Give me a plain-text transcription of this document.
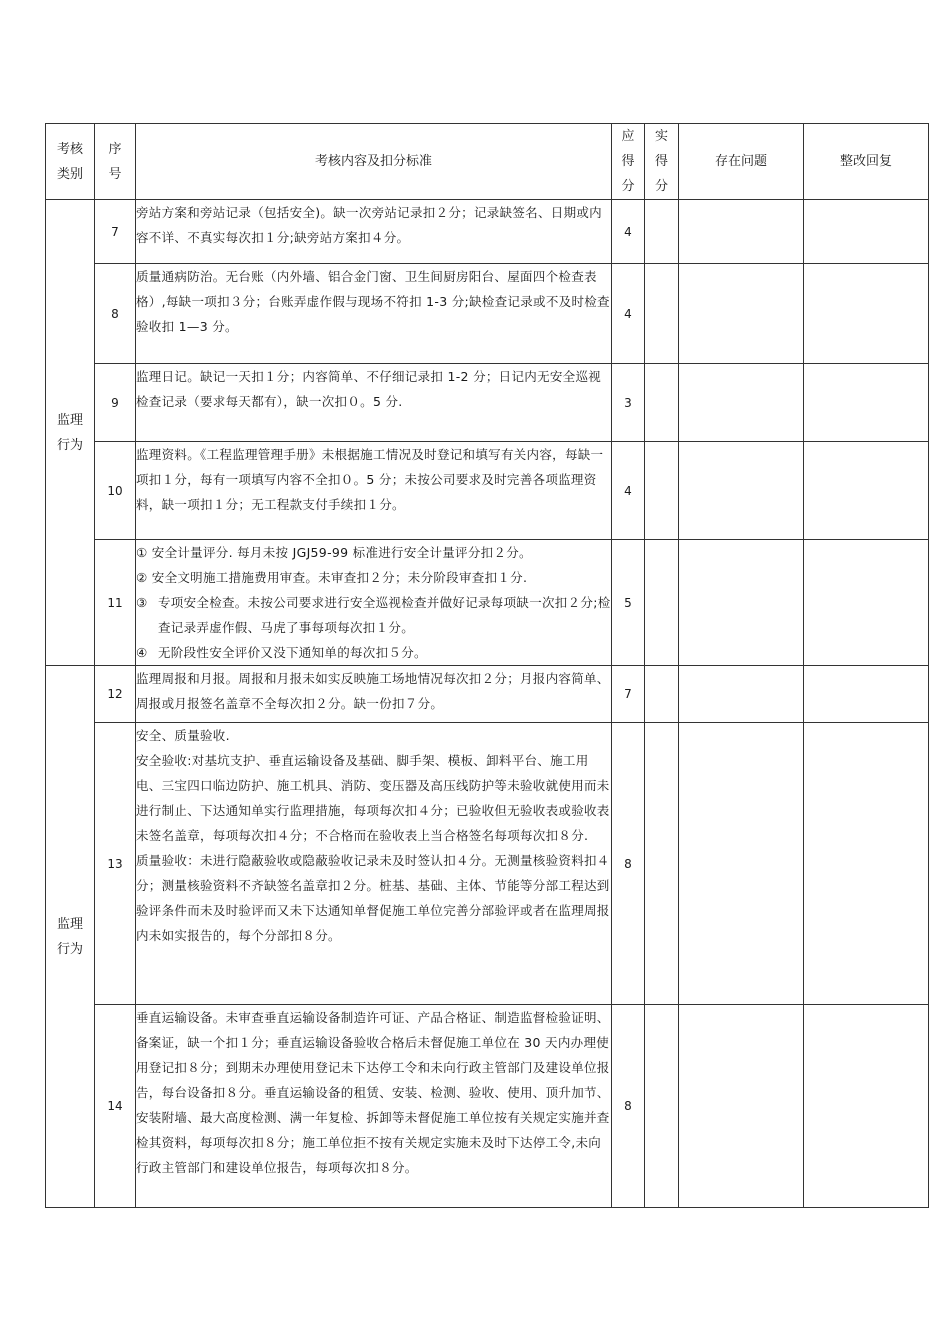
考核
类别	序
号	考核内容及扣分标准	应
得
分	实
得
分	存在问题	整改回复
监理
行为	7	旁站方案和旁站记录（包括安全)。缺一次旁站记录扣２分；记录缺签名、日期或内容不详、不真实每次扣１分;缺旁站方案扣４分。	4			
	8	质量通病防治。无台账（内外墙、铝合金门窗、卫生间厨房阳台、屋面四个检查表格）,每缺一项扣３分；台账弄虚作假与现场不符扣 1-3 分;缺检查记录或不及时检查验收扣 1—3 分。	4			
	9	监理日记。缺记一天扣１分；内容简单、不仔细记录扣 1-2 分；日记内无安全巡视检查记录（要求每天都有），缺一次扣０。5 分.	3			
	10	监理资料。《工程监理管理手册》未根据施工情况及时登记和填写有关内容，每缺一项扣１分，每有一项填写内容不全扣０。5 分；未按公司要求及时完善各项监理资料，缺一项扣１分；无工程款支付手续扣１分。	4			
	11	① 安全计量评分. 每月未按 JGJ59-99 标准进行安全计量评分扣２分。

② 安全文明施工措施费用审查。未审查扣２分；未分阶段审查扣１分.

③ 专项安全检查。未按公司要求进行安全巡视检查并做好记录每项缺一次扣２分;检查记录弄虚作假、马虎了事每项每次扣１分。

④ 无阶段性安全评价又没下通知单的每次扣５分。	5			
监理
行为	12	监理周报和月报。周报和月报未如实反映施工场地情况每次扣２分；月报内容简单、周报或月报签名盖章不全每次扣２分。缺一份扣７分。	7			
	13	安全、质量验收.

安全验收:对基坑支护、垂直运输设备及基础、脚手架、模板、卸料平台、施工用电、三宝四口临边防护、施工机具、消防、变压器及高压线防护等未验收就使用而未进行制止、下达通知单实行监理措施，每项每次扣４分；已验收但无验收表或验收表未签名盖章，每项每次扣４分；不合格而在验收表上当合格签名每项每次扣８分.

质量验收：未进行隐蔽验收或隐蔽验收记录未及时签认扣４分。无测量核验资料扣４分；测量核验资料不齐缺签名盖章扣２分。桩基、基础、主体、节能等分部工程达到验评条件而未及时验评而又未下达通知单督促施工单位完善分部验评或者在监理周报内未如实报告的，每个分部扣８分。	8			
	14	垂直运输设备。未审查垂直运输设备制造许可证、产品合格证、制造监督检验证明、备案证，缺一个扣１分；垂直运输设备验收合格后未督促施工单位在 30 天内办理使用登记扣８分；到期未办理使用登记未下达停工令和未向行政主管部门及建设单位报告，每台设备扣８分。垂直运输设备的租赁、安装、检测、验收、使用、顶升加节、安装附墙、最大高度检测、满一年复检、拆卸等未督促施工单位按有关规定实施并查检其资料，每项每次扣８分；施工单位拒不按有关规定实施未及时下达停工令,未向行政主管部门和建设单位报告，每项每次扣８分。	8			
